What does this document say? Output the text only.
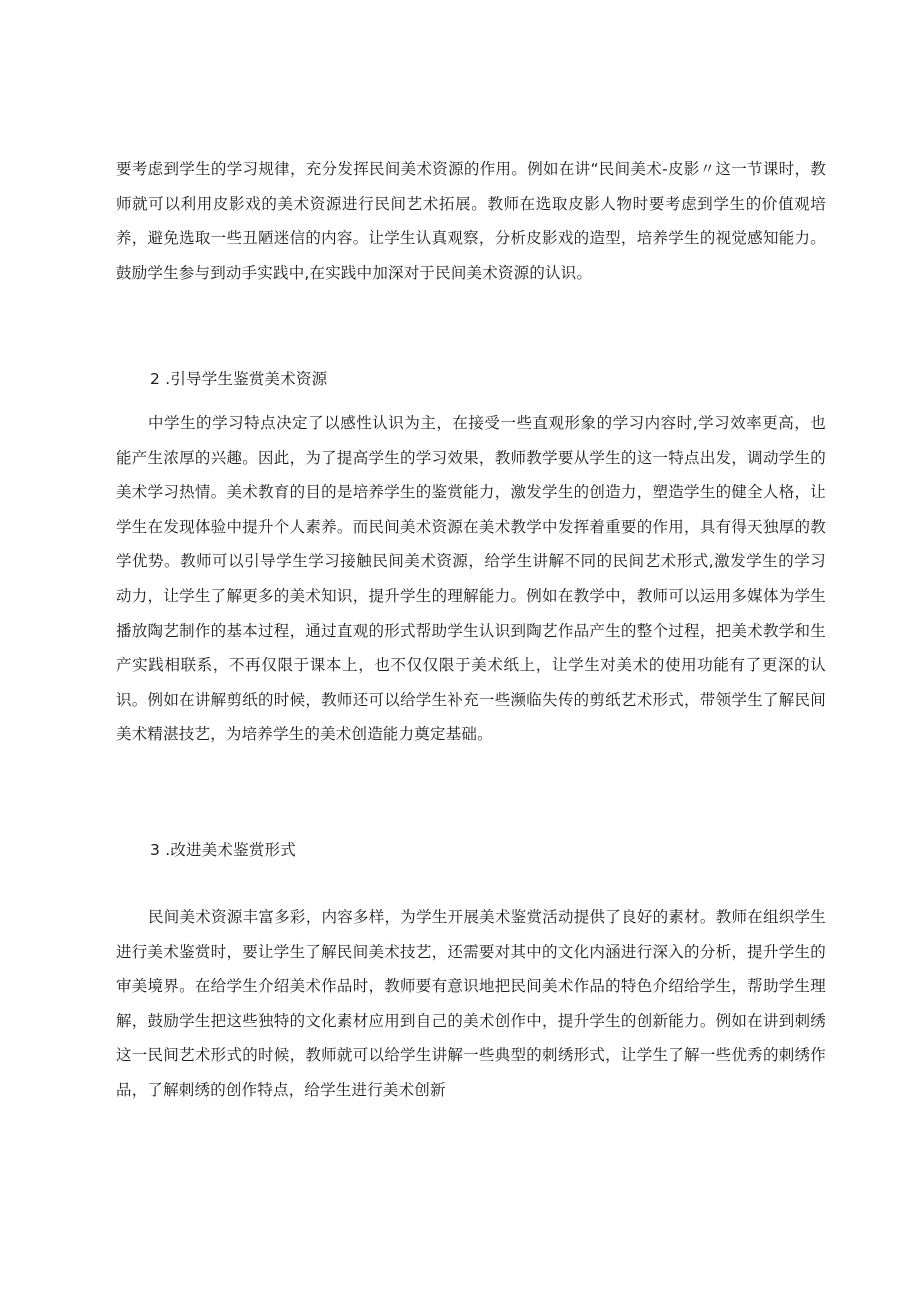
要考虑到学生的学习规律，充分发挥民间美术资源的作用。例如在讲“民间美术-皮影〃这一节课时，教师就可以利用皮影戏的美术资源进行民间艺术拓展。教师在选取皮影人物时要考虑到学生的价值观培养，避免选取一些丑陋迷信的内容。让学生认真观察，分析皮影戏的造型，培养学生的视觉感知能力。鼓励学生参与到动手实践中,在实践中加深对于民间美术资源的认识。

2 .引导学生鉴赏美术资源

中学生的学习特点决定了以感性认识为主，在接受一些直观形象的学习内容时,学习效率更高，也能产生浓厚的兴趣。因此，为了提高学生的学习效果，教师教学要从学生的这一特点出发，调动学生的美术学习热情。美术教育的目的是培养学生的鉴赏能力，激发学生的创造力，塑造学生的健全人格，让学生在发现体验中提升个人素养。而民间美术资源在美术教学中发挥着重要的作用，具有得天独厚的教学优势。教师可以引导学生学习接触民间美术资源，给学生讲解不同的民间艺术形式,激发学生的学习动力，让学生了解更多的美术知识，提升学生的理解能力。例如在教学中，教师可以运用多媒体为学生播放陶艺制作的基本过程，通过直观的形式帮助学生认识到陶艺作品产生的整个过程，把美术教学和生产实践相联系，不再仅限于课本上，也不仅仅限于美术纸上，让学生对美术的使用功能有了更深的认识。例如在讲解剪纸的时候，教师还可以给学生补充一些濒临失传的剪纸艺术形式，带领学生了解民间美术精湛技艺，为培养学生的美术创造能力奠定基础。

3 .改进美术鉴赏形式

民间美术资源丰富多彩，内容多样，为学生开展美术鉴赏活动提供了良好的素材。教师在组织学生进行美术鉴赏时，要让学生了解民间美术技艺，还需要对其中的文化内涵进行深入的分析，提升学生的审美境界。在给学生介绍美术作品时，教师要有意识地把民间美术作品的特色介绍给学生，帮助学生理解，鼓励学生把这些独特的文化素材应用到自己的美术创作中，提升学生的创新能力。例如在讲到刺绣这一民间艺术形式的时候，教师就可以给学生讲解一些典型的刺绣形式，让学生了解一些优秀的刺绣作品，了解刺绣的创作特点，给学生进行美术创新
